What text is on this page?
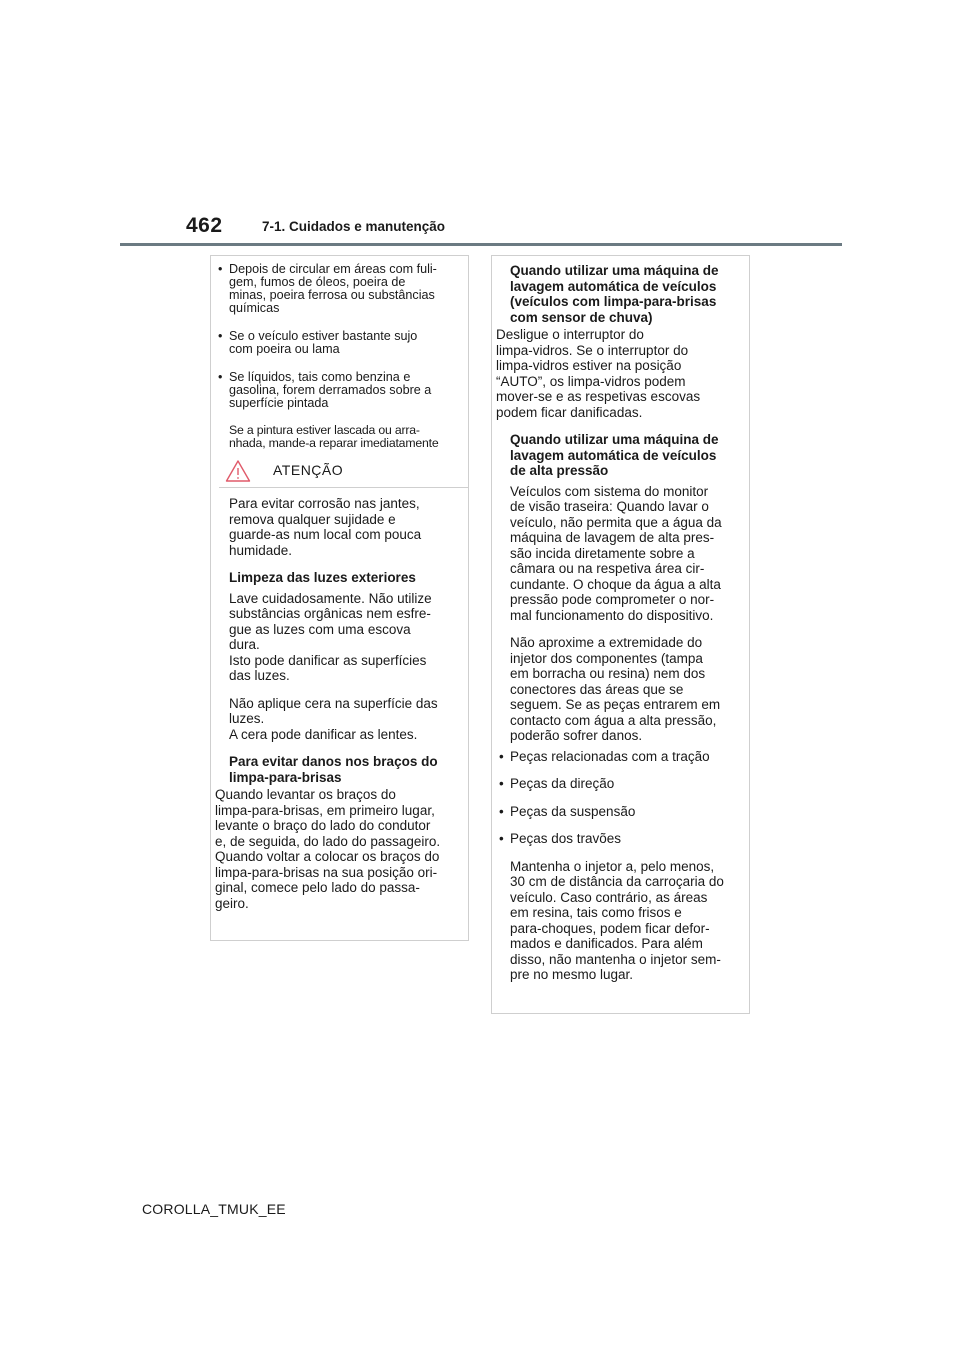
462	7-1. Cuidados e manutenção
• Depois de circular em áreas com fuli-
gem, fumos de óleos, poeira de
minas, poeira ferrosa ou substâncias
químicas
• Se o veículo estiver bastante sujo
com poeira ou lama
• Se líquidos, tais como benzina e
gasolina, forem derramados sobre a
superfície pintada
Se a pintura estiver lascada ou arra-
nhada, mande-a reparar imediatamente
ATENÇÃO
Para evitar corrosão nas jantes,
remova qualquer sujidade e
guarde-as num local com pouca
humidade.
Limpeza das luzes exteriores
Lave cuidadosamente. Não utilize
substâncias orgânicas nem esfre-
gue as luzes com uma escova
dura.
Isto pode danificar as superfícies
das luzes.
Não aplique cera na superfície das
luzes.
A cera pode danificar as lentes.
Para evitar danos nos braços do
limpa-para-brisas
Quando levantar os braços do
limpa-para-brisas, em primeiro lugar,
levante o braço do lado do condutor
e, de seguida, do lado do passageiro.
Quando voltar a colocar os braços do
limpa-para-brisas na sua posição ori-
ginal, comece pelo lado do passa-
geiro.
Quando utilizar uma máquina de
lavagem automática de veículos
(veículos com limpa-para-brisas
com sensor de chuva)
Desligue o interruptor do
limpa-vidros. Se o interruptor do
limpa-vidros estiver na posição
“AUTO”, os limpa-vidros podem
mover-se e as respetivas escovas
podem ficar danificadas.
Quando utilizar uma máquina de
lavagem automática de veículos
de alta pressão
Veículos com sistema do monitor
de visão traseira: Quando lavar o
veículo, não permita que a água da
máquina de lavagem de alta pres-
são incida diretamente sobre a
câmara ou na respetiva área cir-
cundante. O choque da água a alta
pressão pode comprometer o nor-
mal funcionamento do dispositivo.
Não aproxime a extremidade do
injetor dos componentes (tampa
em borracha ou resina) nem dos
conectores das áreas que se
seguem. Se as peças entrarem em
contacto com água a alta pressão,
poderão sofrer danos.
• Peças relacionadas com a tração
• Peças da direção
• Peças da suspensão
• Peças dos travões
Mantenha o injetor a, pelo menos,
30 cm de distância da carroçaria do
veículo. Caso contrário, as áreas
em resina, tais como frisos e
para-choques, podem ficar defor-
mados e danificados. Para além
disso, não mantenha o injetor sem-
pre no mesmo lugar.
COROLLA_TMUK_EE
